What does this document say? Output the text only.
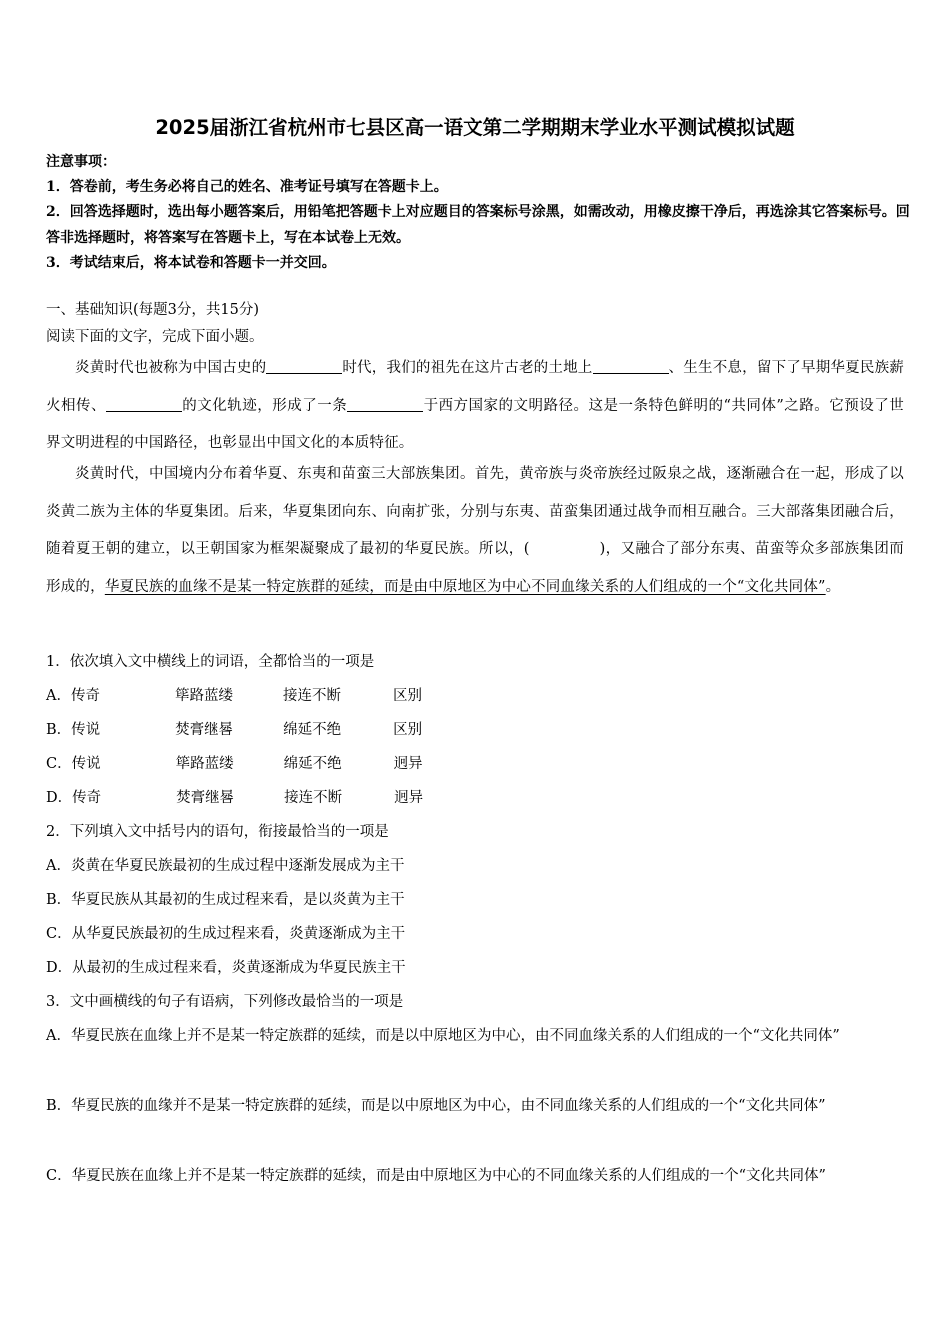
2025届浙江省杭州市七县区高一语文第二学期期末学业水平测试模拟试题
注意事项：
1．答卷前，考生务必将自己的姓名、准考证号填写在答题卡上。
2．回答选择题时，选出每小题答案后，用铅笔把答题卡上对应题目的答案标号涂黑，如需改动，用橡皮擦干净后，再选涂其它答案标号。回答非选择题时，将答案写在答题卡上，写在本试卷上无效。
3．考试结束后，将本试卷和答题卡一并交回。
一、基础知识(每题3分，共15分)
阅读下面的文字，完成下面小题。
炎黄时代也被称为中国古史的	时代，我们的祖先在这片古老的土地上	、生生不息，留下了早期华夏民族薪火相传、	的文化轨迹，形成了一条	于西方国家的文明路径。这是一条特色鲜明的“共同体”之路。它预设了世界文明进程的中国路径，也彰显出中国文化的本质特征。
炎黄时代，中国境内分布着华夏、东夷和苗蛮三大部族集团。首先，黄帝族与炎帝族经过阪泉之战，逐渐融合在一起，形成了以炎黄二族为主体的华夏集团。后来，华夏集团向东、向南扩张，分别与东夷、苗蛮集团通过战争而相互融合。三大部落集团融合后，随着夏王朝的建立，以王朝国家为框架凝聚成了最初的华夏民族。所以，(	)，又融合了部分东夷、苗蛮等众多部族集团而形成的，华夏民族的血缘不是某一特定族群的延续，而是由中原地区为中心不同血缘关系的人们组成的一个“文化共同体”。
1．依次填入文中横线上的词语，全都恰当的一项是
A．传奇	筚路蓝缕	接连不断	区别
B．传说	焚膏继晷	绵延不绝	区别
C．传说	筚路蓝缕	绵延不绝	迥异
D．传奇	焚膏继晷	接连不断	迥异
2．下列填入文中括号内的语句，衔接最恰当的一项是
A．炎黄在华夏民族最初的生成过程中逐渐发展成为主干
B．华夏民族从其最初的生成过程来看，是以炎黄为主干
C．从华夏民族最初的生成过程来看，炎黄逐渐成为主干
D．从最初的生成过程来看，炎黄逐渐成为华夏民族主干
3．文中画横线的句子有语病，下列修改最恰当的一项是
A．华夏民族在血缘上并不是某一特定族群的延续，而是以中原地区为中心，由不同血缘关系的人们组成的一个“文化共同体”
B．华夏民族的血缘并不是某一特定族群的延续，而是以中原地区为中心，由不同血缘关系的人们组成的一个“文化共同体”
C．华夏民族在血缘上并不是某一特定族群的延续，而是由中原地区为中心的不同血缘关系的人们组成的一个“文化共同体”
